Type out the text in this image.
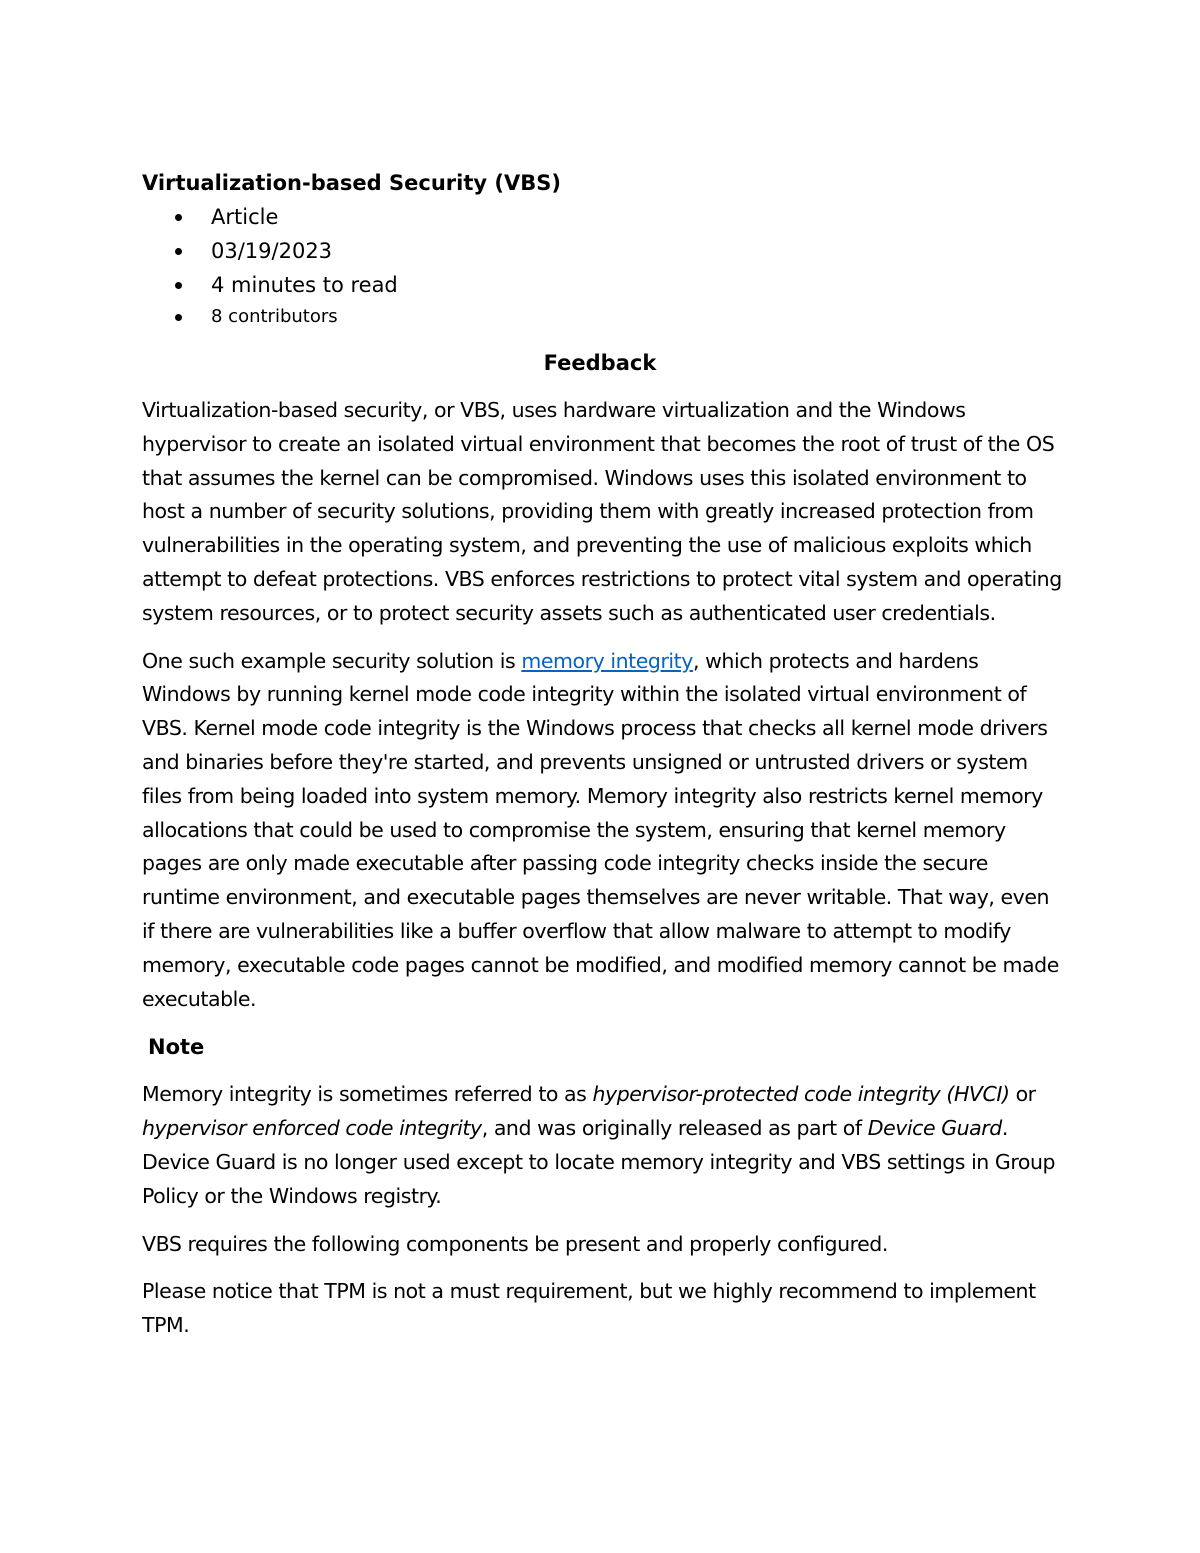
Virtualization-based Security (VBS)

Article
03/19/2023
4 minutes to read
8 contributors

Feedback

Virtualization-based security, or VBS, uses hardware virtualization and the Windows hypervisor to create an isolated virtual environment that becomes the root of trust of the OS that assumes the kernel can be compromised. Windows uses this isolated environment to host a number of security solutions, providing them with greatly increased protection from vulnerabilities in the operating system, and preventing the use of malicious exploits which attempt to defeat protections. VBS enforces restrictions to protect vital system and operating system resources, or to protect security assets such as authenticated user credentials.

One such example security solution is memory integrity, which protects and hardens Windows by running kernel mode code integrity within the isolated virtual environment of VBS. Kernel mode code integrity is the Windows process that checks all kernel mode drivers and binaries before they're started, and prevents unsigned or untrusted drivers or system files from being loaded into system memory. Memory integrity also restricts kernel memory allocations that could be used to compromise the system, ensuring that kernel memory pages are only made executable after passing code integrity checks inside the secure runtime environment, and executable pages themselves are never writable. That way, even if there are vulnerabilities like a buffer overflow that allow malware to attempt to modify memory, executable code pages cannot be modified, and modified memory cannot be made executable.

Note

Memory integrity is sometimes referred to as hypervisor-protected code integrity (HVCI) or hypervisor enforced code integrity, and was originally released as part of Device Guard. Device Guard is no longer used except to locate memory integrity and VBS settings in Group Policy or the Windows registry.

VBS requires the following components be present and properly configured.

Please notice that TPM is not a must requirement, but we highly recommend to implement TPM.
